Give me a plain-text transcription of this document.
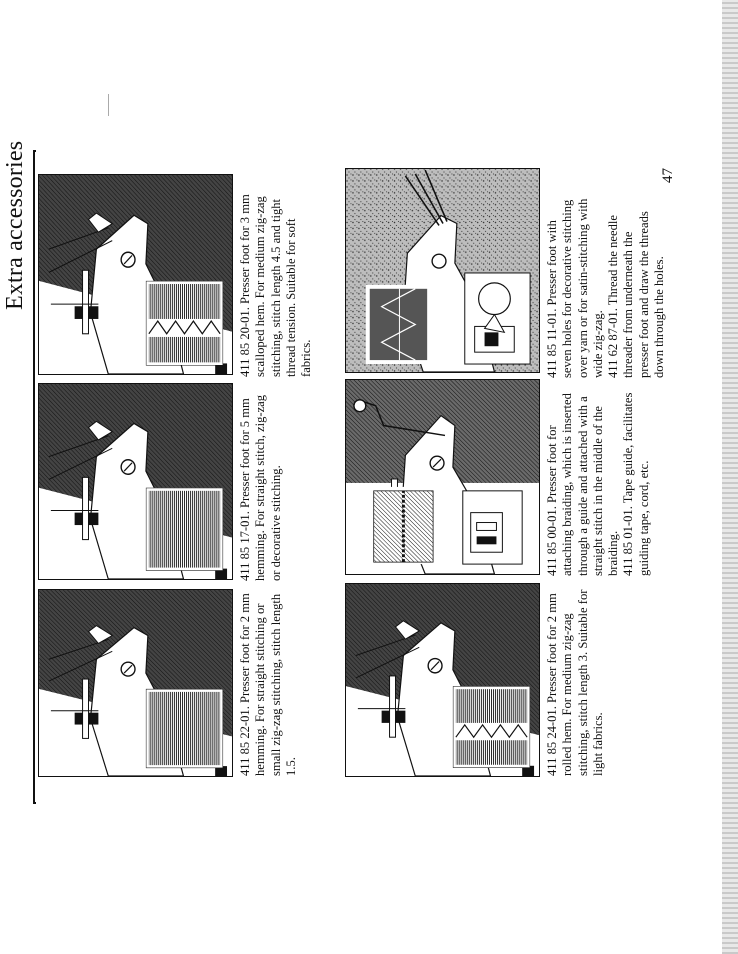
Extra accessories

411 85 22-01. Presser foot for 2 mm
hemming. For straight stitching or
small zig-zag stitching, stitch length
1.5.

411 85 17-01. Presser foot for 5 mm
hemming. For straight stitch, zig-zag
or decorative stitching.

411 85 20-01. Presser foot for 3 mm
scalloped hem. For medium zig-zag
stitching, stitch length 4.5 and tight
thread tension. Suitable for soft
fabrics.

411 85 24-01. Presser foot for 2 mm
rolled hem. For medium zig-zag
stitching, stitch length 3. Suitable for
light fabrics.

411 85 00-01. Presser foot for
attaching braiding, which is inserted
through a guide and attached with a
straight stitch in the middle of the
braiding.
411 85 01-01. Tape guide, facilitates
guiding tape, cord, etc.

411 85 11-01. Presser foot with
seven holes for decorative stitching
over yarn or for satin-stitching with
wide zig-zag.
411 62 87-01. Thread the needle
threader from underneath the
presser foot and draw the threads
down through the holes.

47
